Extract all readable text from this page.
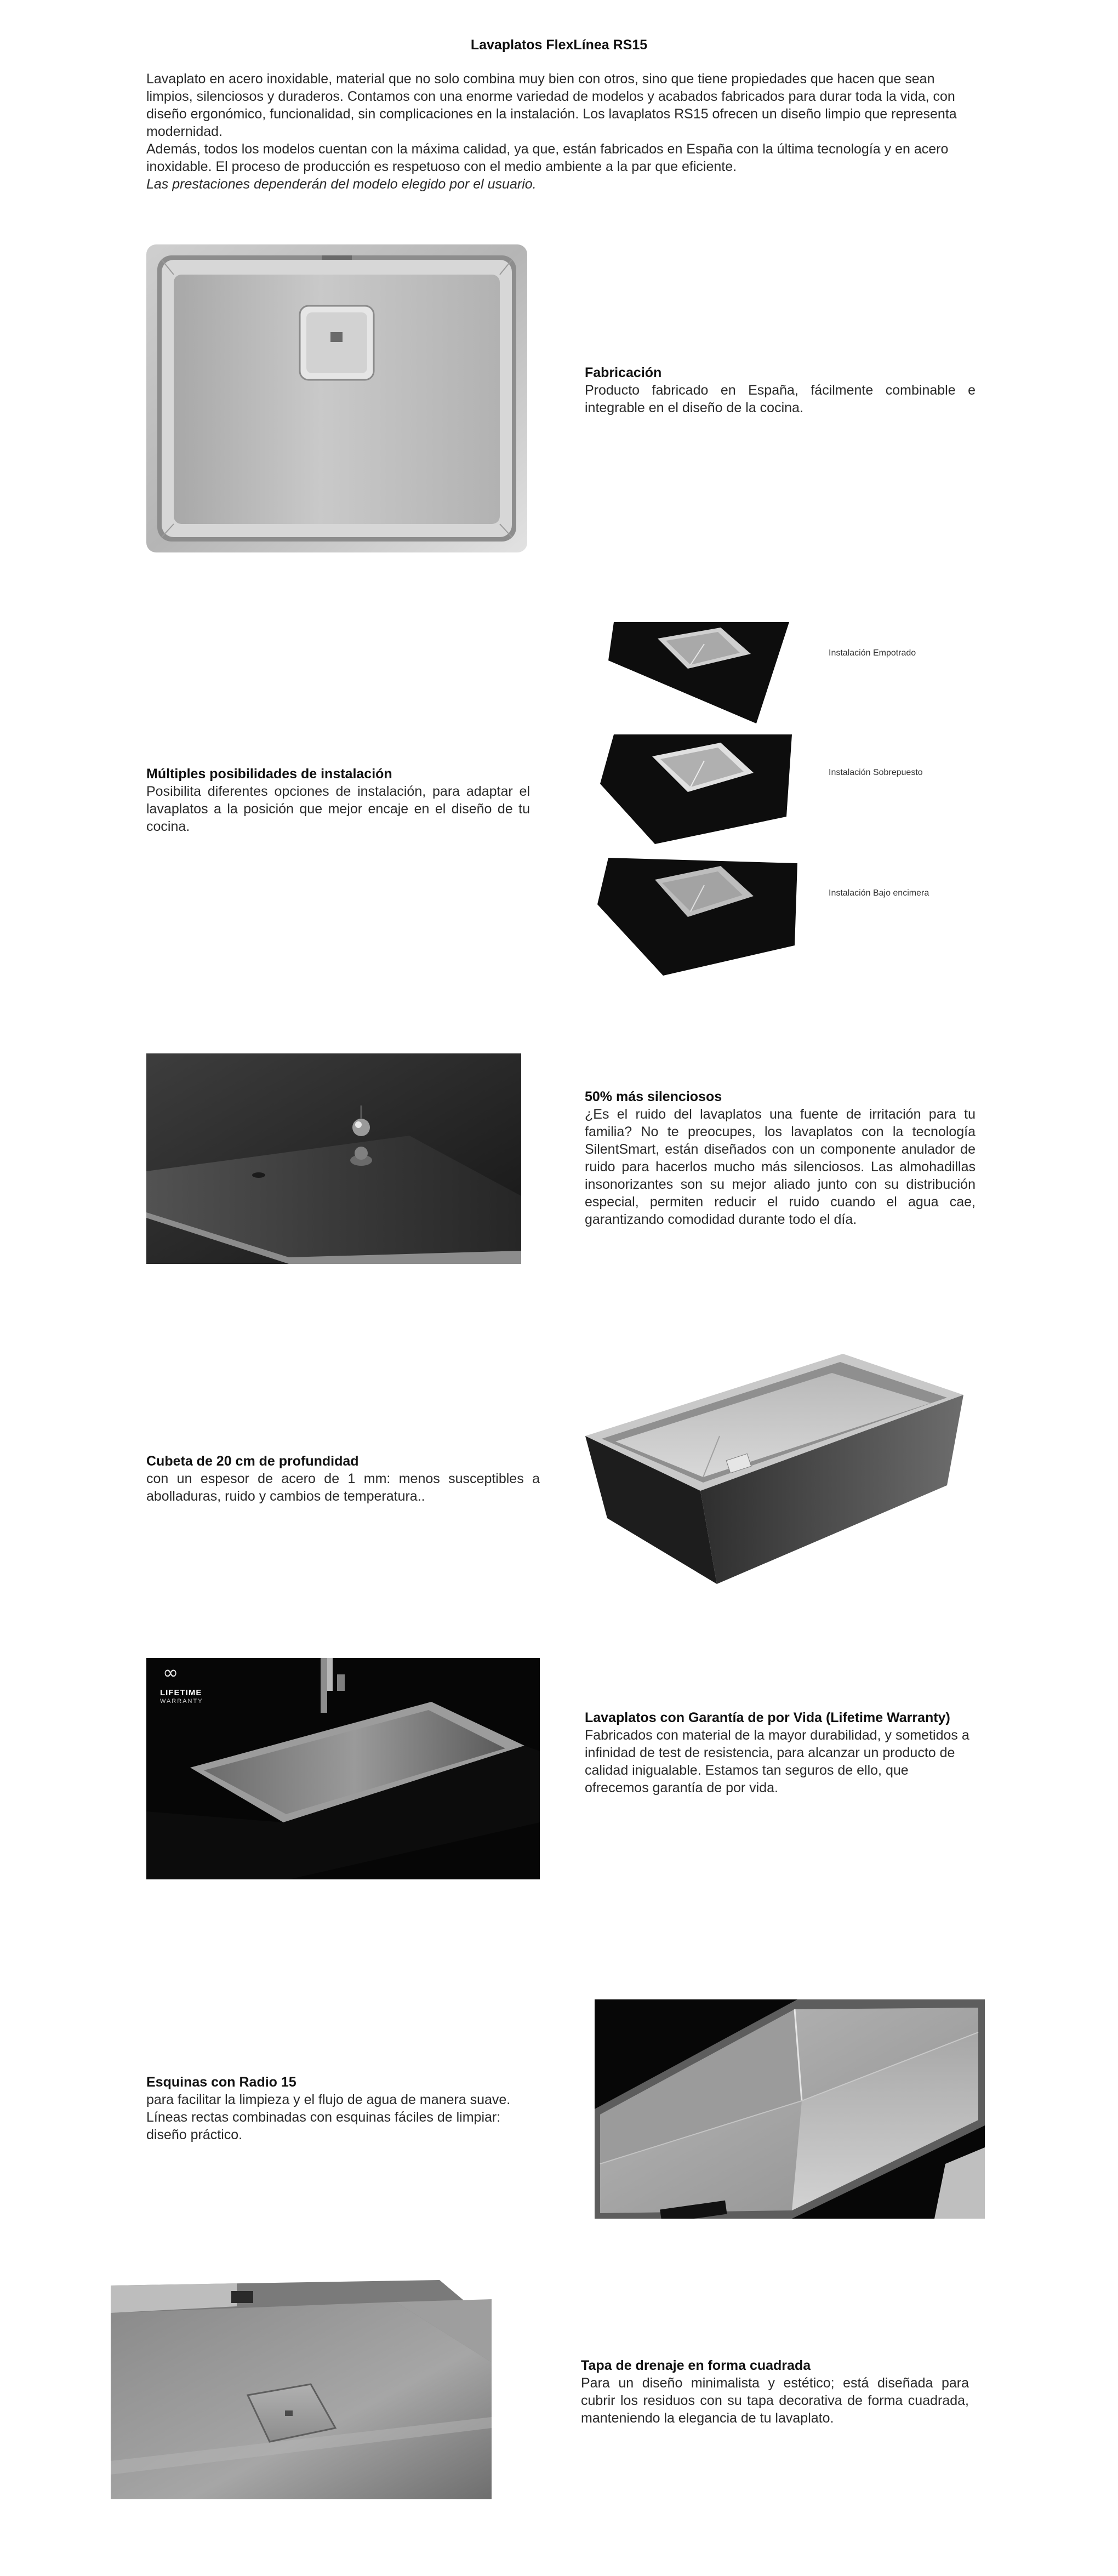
Lavaplatos FlexLínea RS15

Lavaplato en acero inoxidable, material que no solo combina muy bien con otros, sino que tiene propiedades que hacen que sean limpios, silenciosos y duraderos. Contamos con una enorme variedad de modelos y acabados fabricados para durar toda la vida, con diseño ergonómico, funcionalidad, sin complicaciones en la instalación. Los lavaplatos RS15 ofrecen un diseño limpio que representa modernidad.

Además, todos los modelos cuentan con la máxima calidad, ya que, están fabricados en España con la última tecnología y en acero inoxidable. El proceso de producción es respetuoso con el medio ambiente a la par que eficiente.

Las prestaciones dependerán del modelo elegido por el usuario.

Fabricación

Producto fabricado en España, fácilmente combinable e integrable en el diseño de la cocina.

Múltiples posibilidades de instalación

Posibilita diferentes opciones de instalación, para adaptar el lavaplatos a la posición que mejor encaje en el diseño de tu cocina.

Instalación Empotrado
Instalación Sobrepuesto
Instalación Bajo encimera
50% más silenciosos

¿Es el ruido del lavaplatos una fuente de irritación para tu familia? No te preocupes, los lavaplatos con la tecnología SilentSmart, están diseñados con un componente anulador de ruido para hacerlos mucho más silenciosos. Las almohadillas insonorizantes son su mejor aliado junto con su distribución especial, permiten reducir el ruido cuando el agua cae, garantizando comodidad durante todo el día.

Cubeta de 20 cm de profundidad

con un espesor de acero de 1 mm: menos susceptibles a abolladuras, ruido y cambios de temperatura..

∞
LIFETIME
WARRANTY
Lavaplatos con Garantía de por Vida (Lifetime Warranty)

Fabricados con material de la mayor durabilidad, y sometidos a infinidad de test de resistencia, para alcanzar un producto de calidad inigualable. Estamos tan seguros de ello, que ofrecemos garantía de por vida.

Esquinas con Radio 15

para facilitar la limpieza y el flujo de agua de manera suave. Líneas rectas combinadas con esquinas fáciles de limpiar: diseño práctico.

Tapa de drenaje en forma cuadrada

Para un diseño minimalista y estético; está diseñada para cubrir los residuos con su tapa decorativa de forma cuadrada, manteniendo la elegancia de tu lavaplato.
